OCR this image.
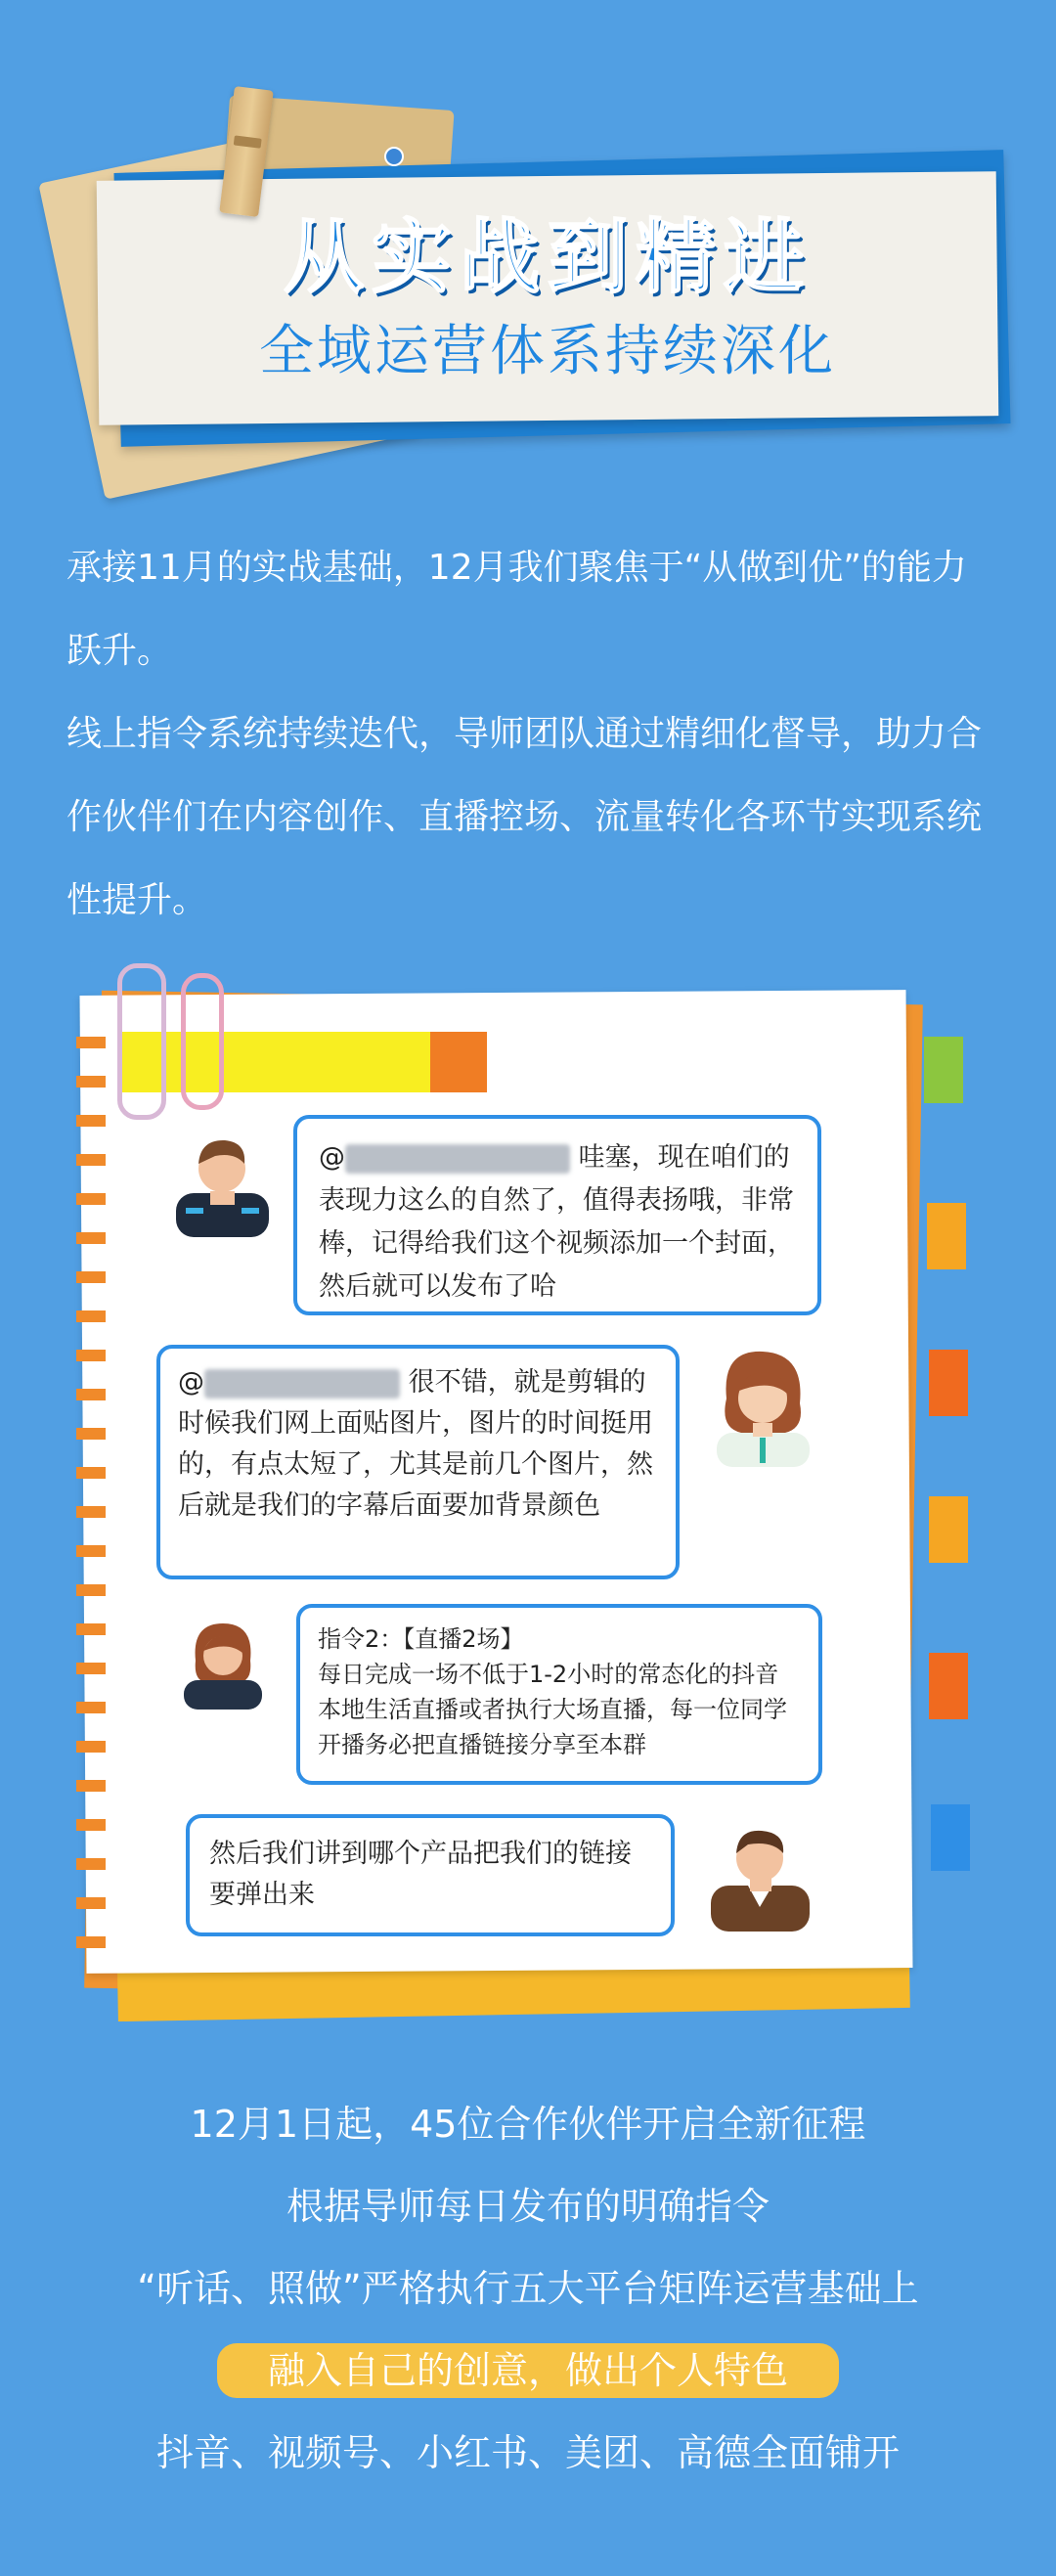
从实战到精进
全域运营体系持续深化

承接11月的实战基础，12月我们聚焦于“从做到优”的能力跃升。

线上指令系统持续迭代，导师团队通过精细化督导，助力合作伙伴们在内容创作、直播控场、流量转化各环节实现系统性提升。

@	哇塞，现在咱们的表现力这么的自然了，值得表扬哦，非常棒，记得给我们这个视频添加一个封面，然后就可以发布了哈
@	很不错，就是剪辑的时候我们网上面贴图片，图片的时间挺用的，有点太短了，尤其是前几个图片，然后就是我们的字幕后面要加背景颜色
指令2：【直播2场】
每日完成一场不低于1-2小时的常态化的抖音本地生活直播或者执行大场直播，每一位同学开播务必把直播链接分享至本群
然后我们讲到哪个产品把我们的链接要弹出来
12月1日起，45位合作伙伴开启全新征程
根据导师每日发布的明确指令
“听话、照做”严格执行五大平台矩阵运营基础上
融入自己的创意，做出个人特色
抖音、视频号、小红书、美团、高德全面铺开
